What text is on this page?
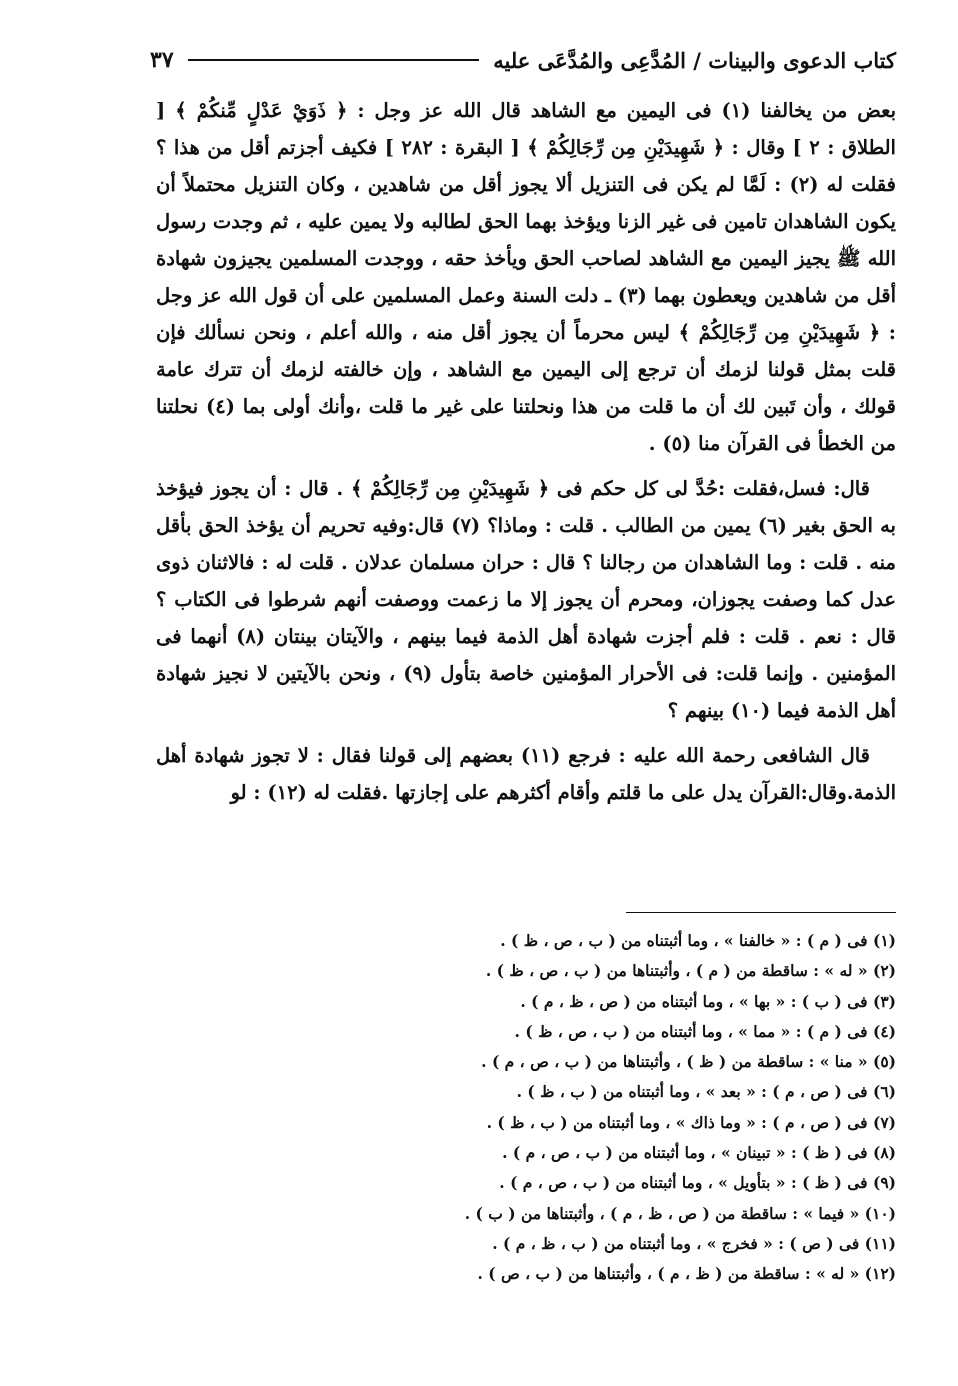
كتاب الدعوى والبينات / المُدَّعِى والمُدَّعَى عليه
٣٧

بعض من يخالفنا (١) فى اليمين مع الشاهد قال الله عز وجل : ﴿ ذَوَيْ عَدْلٍ مِّنكُمْ ﴾ [ الطلاق : ٢ ] وقال : ﴿ شَهِيدَيْنِ مِن رِّجَالِكُمْ ﴾ [ البقرة : ٢٨٢ ] فكيف أجزتم أقل من هذا ؟ فقلت له (٢) : لَمَّا لم يكن فى التنزيل ألا يجوز أقل من شاهدين ، وكان التنزيل محتملاً أن يكون الشاهدان تامين فى غير الزنا ويؤخذ بهما الحق لطالبه ولا يمين عليه ، ثم وجدت رسول الله ﷺ يجيز اليمين مع الشاهد لصاحب الحق ويأخذ حقه ، ووجدت المسلمين يجيزون شهادة أقل من شاهدين ويعطون بهما (٣) ـ دلت السنة وعمل المسلمين على أن قول الله عز وجل : ﴿ شَهِيدَيْنِ مِن رِّجَالِكُمْ ﴾ ليس محرماً أن يجوز أقل منه ، والله أعلم ، ونحن نسألك فإن قلت بمثل قولنا لزمك أن ترجع إلى اليمين مع الشاهد ، وإن خالفته لزمك أن تترك عامة قولك ، وأن تَبين لك أن ما قلت من هذا ونحلتنا على غير ما قلت ،وأنك أولى بما (٤) نحلتنا من الخطأ فى القرآن منا (٥) .

قال: فسل،فقلت :حُدَّ لى كل حكم فى ﴿ شَهِيدَيْنِ مِن رِّجَالِكُمْ ﴾ . قال : أن يجوز فيؤخذ به الحق بغير (٦) يمين من الطالب . قلت : وماذا؟ (٧) قال:وفيه تحريم أن يؤخذ الحق بأقل منه . قلت : وما الشاهدان من رجالنا ؟ قال : حران مسلمان عدلان . قلت له : فالاثنان ذوى عدل كما وصفت يجوزان، ومحرم أن يجوز إلا ما زعمت ووصفت أنهم شرطوا فى الكتاب ؟ قال : نعم . قلت : فلم أجزت شهادة أهل الذمة فيما بينهم ، والآيتان بينتان (٨) أنهما فى المؤمنين . وإنما قلت: فى الأحرار المؤمنين خاصة بتأول (٩) ، ونحن بالآيتين لا نجيز شهادة أهل الذمة فيما (١٠) بينهم ؟

قال الشافعى رحمة الله عليه : فرجع (١١) بعضهم إلى قولنا فقال : لا تجوز شهادة أهل الذمة.وقال:القرآن يدل على ما قلتم وأقام أكثرهم على إجازتها .فقلت له (١٢) : لو

(١) فى ( م ) : « خالفنا » ، وما أثبتناه من ( ب ، ص ، ظ ) .
(٢) « له » : ساقطة من ( م ) ، وأثبتناها من ( ب ، ص ، ظ ) .
(٣) فى ( ب ) : « بها » ، وما أثبتناه من ( ص ، ظ ، م ) .
(٤) فى ( م ) : « مما » ، وما أثبتناه من ( ب ، ص ، ظ ) .
(٥) « منا » : ساقطة من ( ظ ) ، وأثبتناها من ( ب ، ص ، م ) .
(٦) فى ( ص ، م ) : « بعد » ، وما أثبتناه من ( ب ، ظ ) .
(٧) فى ( ص ، م ) : « وما ذاك » ، وما أثبتناه من ( ب ، ظ ) .
(٨) فى ( ظ ) : « تبينان » ، وما أثبتناه من ( ب ، ص ، م ) .
(٩) فى ( ظ ) : « بتأويل » ، وما أثبتناه من ( ب ، ص ، م ) .
(١٠) « فيما » : ساقطة من ( ص ، ظ ، م ) ، وأثبتناها من ( ب ) .
(١١) فى ( ص ) : « فخرج » ، وما أثبتناه من ( ب ، ظ ، م ) .
(١٢) « له » : ساقطة من ( ظ ، م ) ، وأثبتناها من ( ب ، ص ) .
